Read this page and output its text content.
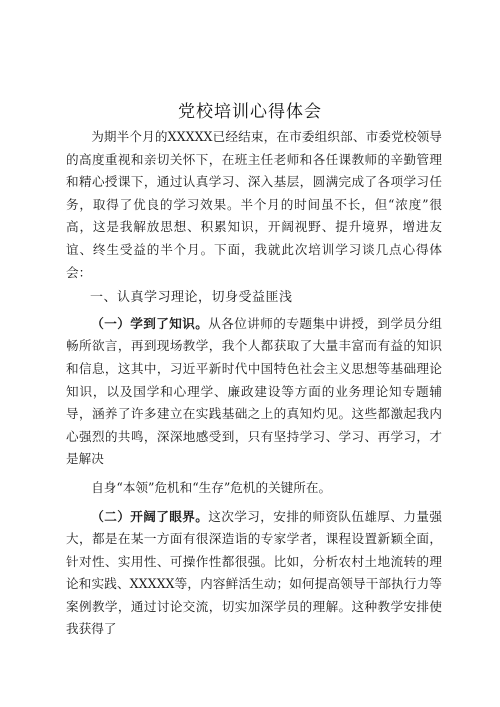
党校培训心得体会

为期半个月的XXXXX已经结束，在市委组织部、市委党校领导的高度重视和亲切关怀下，在班主任老师和各任课教师的辛勤管理和精心授课下，通过认真学习、深入基层，圆满完成了各项学习任务，取得了优良的学习效果。半个月的时间虽不长，但“浓度”很高，这是我解放思想、积累知识，开阔视野、提升境界，增进友谊、终生受益的半个月。下面，我就此次培训学习谈几点心得体会：

一、认真学习理论，切身受益匪浅

（一）学到了知识。从各位讲师的专题集中讲授，到学员分组畅所欲言，再到现场教学，我个人都获取了大量丰富而有益的知识和信息，这其中，习近平新时代中国特色社会主义思想等基础理论知识，以及国学和心理学、廉政建设等方面的业务理论知专题辅导，涵养了许多建立在实践基础之上的真知灼见。这些都激起我内心强烈的共鸣，深深地感受到，只有坚持学习、学习、再学习，才是解决

自身“本领”危机和“生存”危机的关键所在。

（二）开阔了眼界。这次学习，安排的师资队伍雄厚、力量强大，都是在某一方面有很深造诣的专家学者，课程设置新颖全面，针对性、实用性、可操作性都很强。比如，分析农村土地流转的理论和实践、XXXXX等，内容鲜活生动；如何提高领导干部执行力等案例教学，通过讨论交流，切实加深学员的理解。这种教学安排使我获得了
